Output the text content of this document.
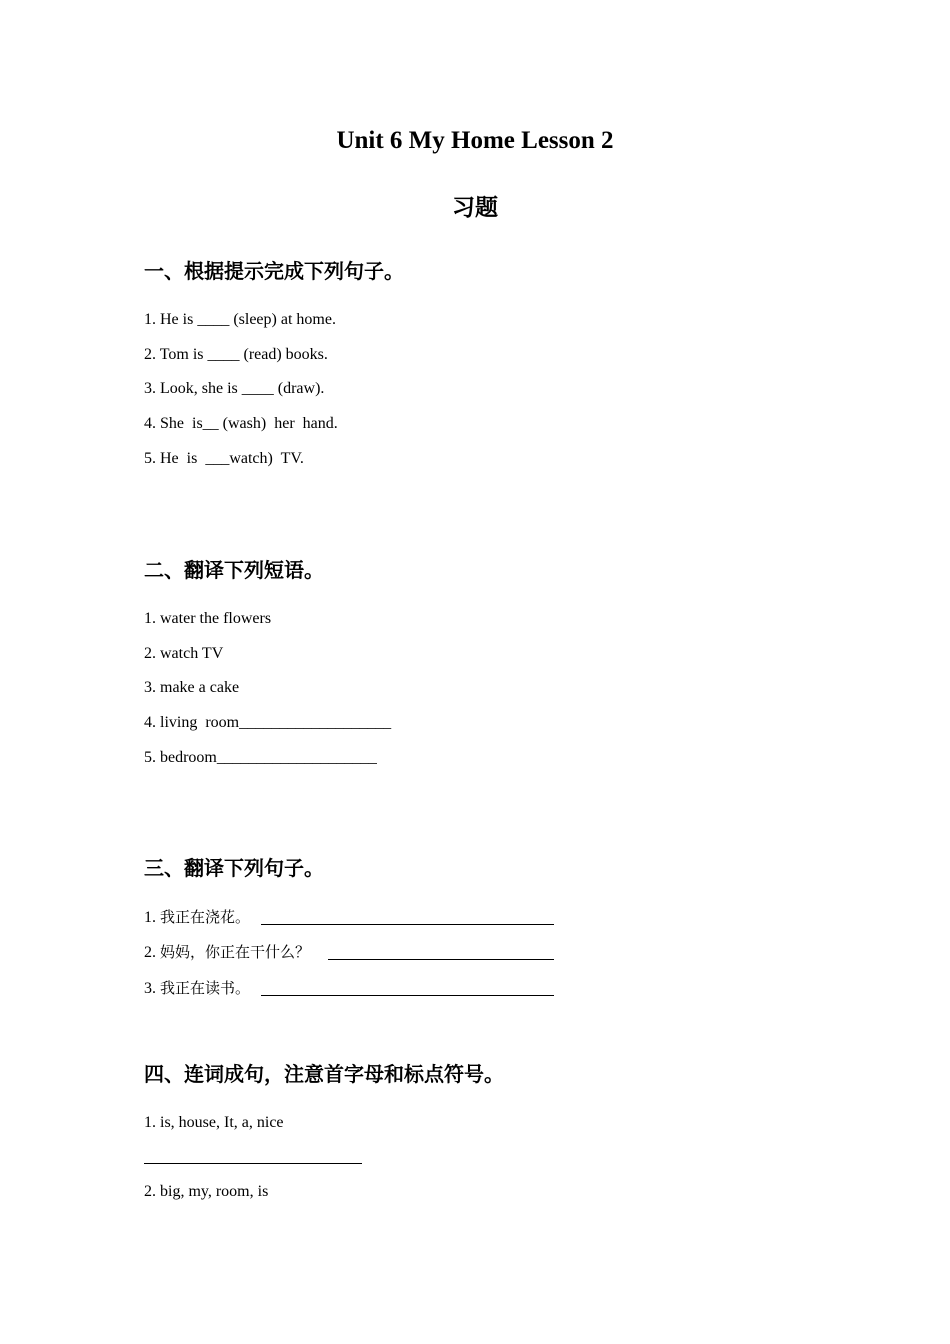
Unit 6 My Home Lesson 2
习题
一、根据提示完成下列句子。
1. He is ____ (sleep) at home.
2. Tom is ____ (read) books.
3. Look, she is ____ (draw).
4. She  is__ (wash)  her  hand.
5. He  is  ___watch)  TV.
二、翻译下列短语。
1. water the flowers
2. watch TV
3. make a cake
4. living  room___________________
5. bedroom____________________
三、翻译下列句子。
1. 我正在浇花。
2. 妈妈，你正在干什么？
3. 我正在读书。
四、连词成句，注意首字母和标点符号。
1. is, house, It, a, nice
2. big, my, room, is
